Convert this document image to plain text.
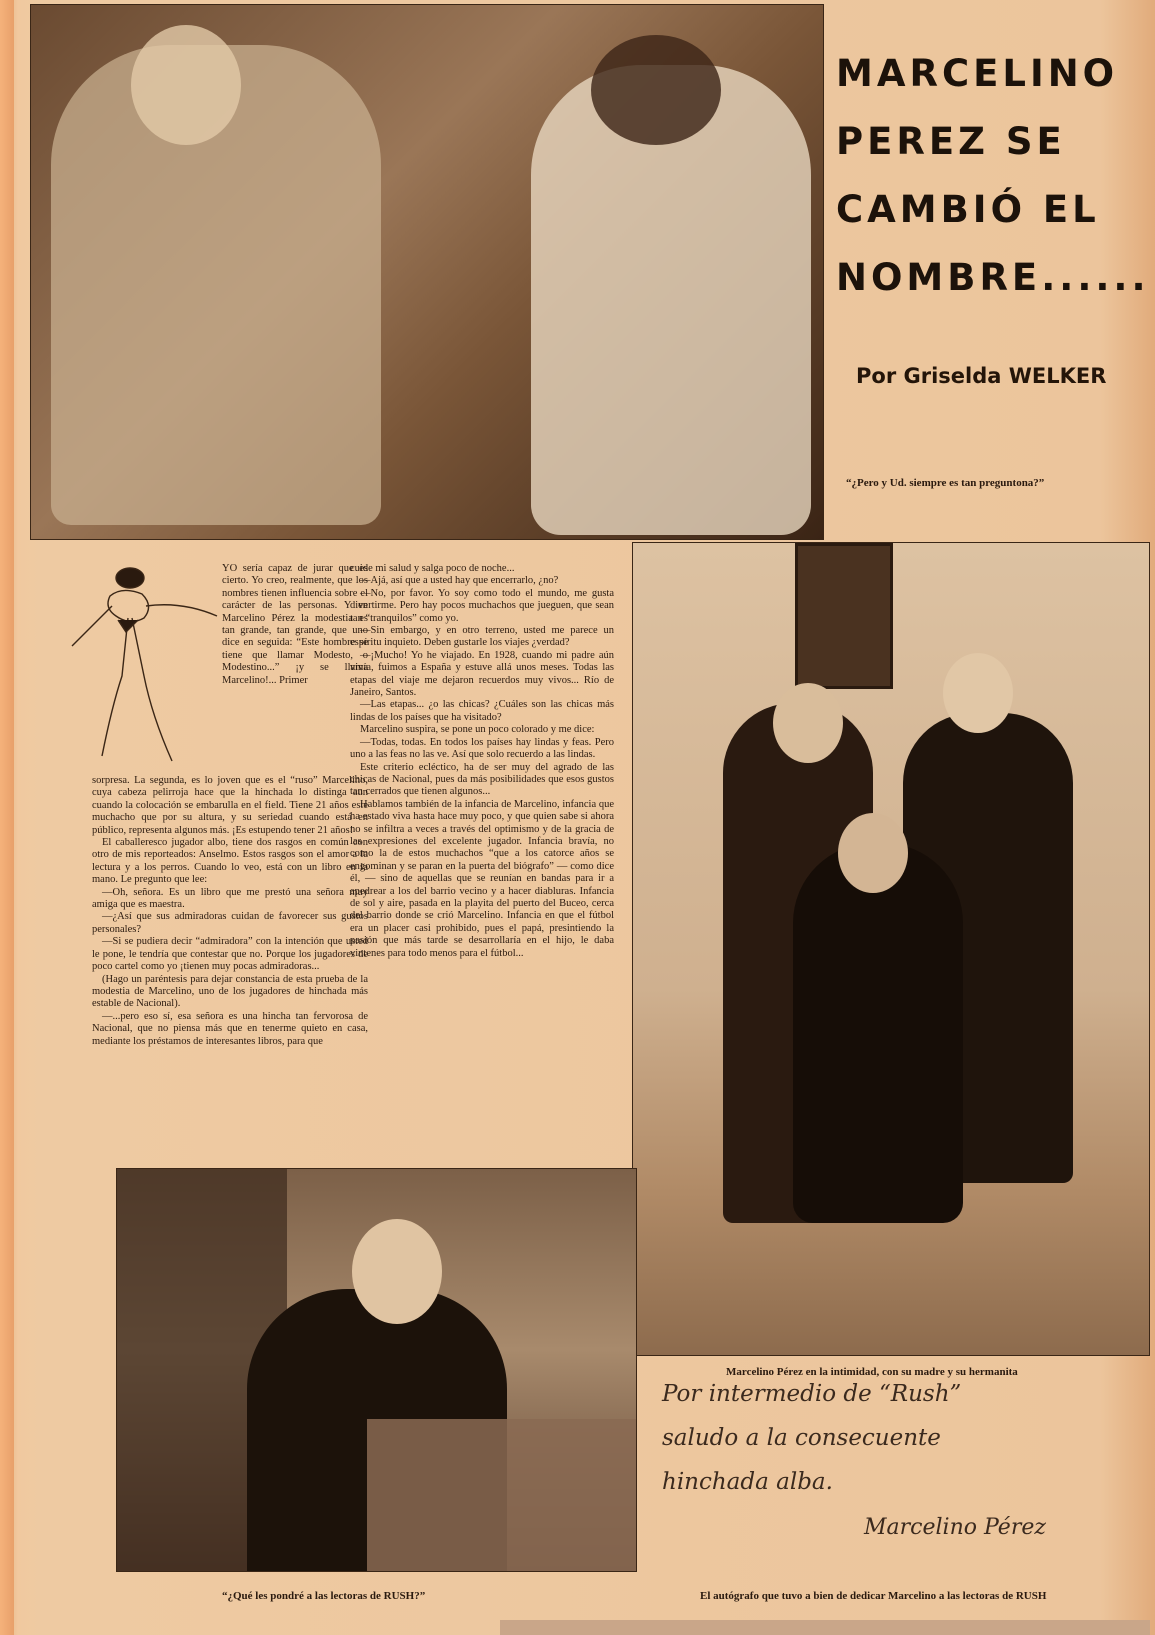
MARCELINO
PEREZ SE
CAMBIÓ EL
NOMBRE......

Por Griselda WELKER

“¿Pero y Ud. siempre es tan preguntona?”

YO sería capaz de jurar que es cierto. Yo creo, realmente, que los nombres tienen influencia sobre el carácter de las personas. Y en Marcelino Pérez la modestia es tan grande, tan grande, que uno dice en seguida: “Este hombre se tiene que llamar Modesto, o Modestino...” ¡y se llama Marcelino!... Primer

sorpresa. La segunda, es lo joven que es el “ruso” Marcelino, cuya cabeza pelirroja hace que la hinchada lo distinga aun cuando la colocación se embarulla en el field. Tiene 21 años este muchacho que por su altura, y su seriedad cuando está en público, representa algunos más. ¡Es estupendo tener 21 años!

El caballeresco jugador albo, tiene dos rasgos en común con otro de mis reporteados: Anselmo. Estos rasgos son el amor a la lectura y a los perros. Cuando lo veo, está con un libro en la mano. Le pregunto que lee:

—Oh, señora. Es un libro que me prestó una señora muy amiga que es maestra.

—¿Así que sus admiradoras cuidan de favorecer sus gustos personales?

—Si se pudiera decir “admiradora” con la intención que usted le pone, le tendría que contestar que no. Porque los jugadores de poco cartel como yo ¡tienen muy pocas admiradoras...

(Hago un paréntesis para dejar constancia de esta prueba de la modestia de Marcelino, uno de los jugadores de hinchada más estable de Nacional).

—...pero eso sí, esa señora es una hincha tan fervorosa de Nacional, que no piensa más que en tenerme quieto en casa, mediante los préstamos de interesantes libros, para que

cuide mi salud y salga poco de noche...

—Ajá, así que a usted hay que encerrarlo, ¿no?

—No, por favor. Yo soy como todo el mundo, me gusta divertirme. Pero hay pocos muchachos que jueguen, que sean tan “tranquilos” como yo.

—Sin embargo, y en otro terreno, usted me parece un espíritu inquieto. Deben gustarle los viajes ¿verdad?

—¡Mucho! Yo he viajado. En 1928, cuando mi padre aún vivía, fuimos a España y estuve allá unos meses. Todas las etapas del viaje me dejaron recuerdos muy vivos... Río de Janeiro, Santos.

—Las etapas... ¿o las chicas? ¿Cuáles son las chicas más lindas de los países que ha visitado?

Marcelino suspira, se pone un poco colorado y me dice:

—Todas, todas. En todos los países hay lindas y feas. Pero uno a las feas no las ve. Así que solo recuerdo a las lindas.

Este criterio ecléctico, ha de ser muy del agrado de las chicas de Nacional, pues da más posibilidades que esos gustos tan cerrados que tienen algunos...

Hablamos también de la infancia de Marcelino, infancia que ha estado viva hasta hace muy poco, y que quien sabe si ahora no se infiltra a veces a través del optimismo y de la gracia de las expresiones del excelente jugador. Infancia bravía, no como la de estos muchachos “que a los catorce años se engominan y se paran en la puerta del biógrafo” — como dice él, — sino de aquellas que se reunían en bandas para ir a apedrear a los del barrio vecino y a hacer diabluras. Infancia de sol y aire, pasada en la playita del puerto del Buceo, cerca del barrio donde se crió Marcelino. Infancia en que el fútbol era un placer casi prohibido, pues el papá, presintiendo la pasión que más tarde se desarrollaría en el hijo, le daba vintenes para todo menos para el fútbol...

Marcelino Pérez en la intimidad, con su madre y su hermanita

“¿Qué les pondré a las lectoras de RUSH?”

Por intermedio de “Rush”
saludo a la consecuente
hinchada alba.

Marcelino Pérez

El autógrafo que tuvo a bien de dedicar Marcelino a las lectoras de RUSH
